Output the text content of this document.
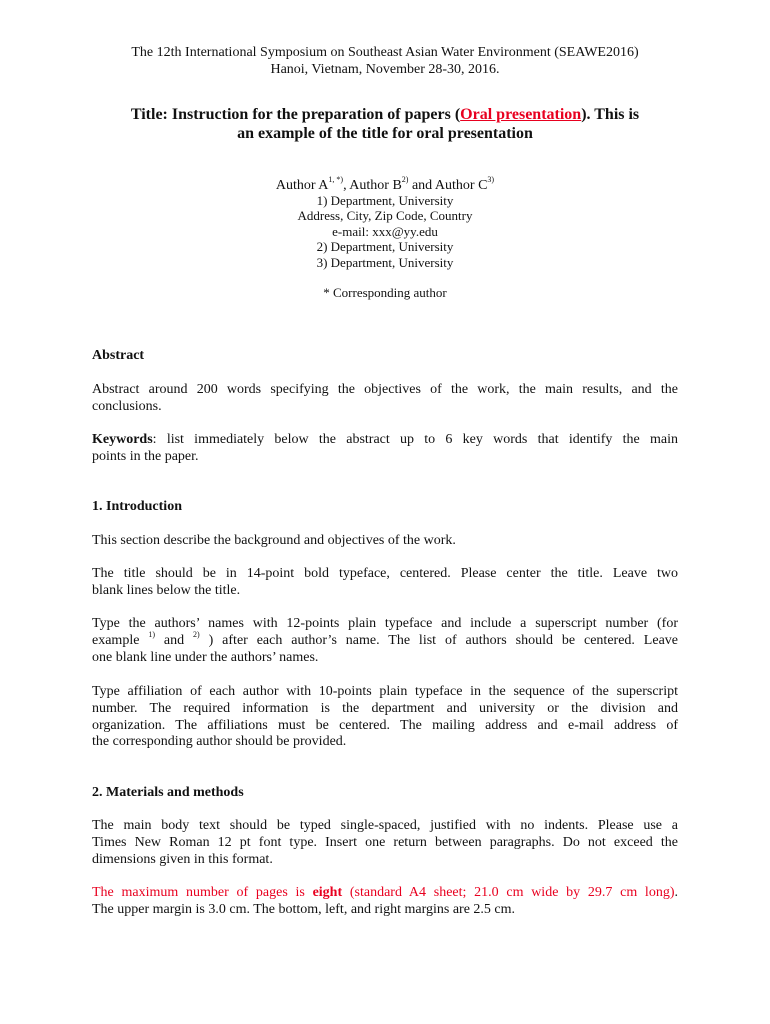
The 12th International Symposium on Southeast Asian Water Environment (SEAWE2016)
Hanoi, Vietnam, November 28-30, 2016.
Title: Instruction for the preparation of papers (Oral presentation). This is
an example of the title for oral presentation
Author $A^{1, *)}$, Author $B^{2)}$ and Author $C^{3)}$
1) Department, University
Address, City, Zip Code, Country
e-mail: xxx@yy.edu
2) Department, University
3) Department, University
* Corresponding author
Abstract
Abstract around 200 words specifying the objectives of the work, the main results, and the
conclusions.
Keywords: list immediately below the abstract up to 6 key words that identify the main
points in the paper.
1. Introduction
This section describe the background and objectives of the work.
The title should be in 14-point bold typeface, centered. Please center the title. Leave two
blank lines below the title.
Type the authors’ names with 12-points plain typeface and include a superscript number (for
example $^{1)}$ and $^{2)}$ ) after each author’s name. The list of authors should be centered. Leave
one blank line under the authors’ names.
Type affiliation of each author with 10-points plain typeface in the sequence of the superscript
number. The required information is the department and university or the division and
organization. The affiliations must be centered. The mailing address and e-mail address of
the corresponding author should be provided.
2. Materials and methods
The main body text should be typed single-spaced, justified with no indents. Please use a
Times New Roman 12 pt font type. Insert one return between paragraphs. Do not exceed the
dimensions given in this format.
The maximum number of pages is eight (standard A4 sheet; 21.0 cm wide by 29.7 cm long).
The upper margin is 3.0 cm. The bottom, left, and right margins are 2.5 cm.
